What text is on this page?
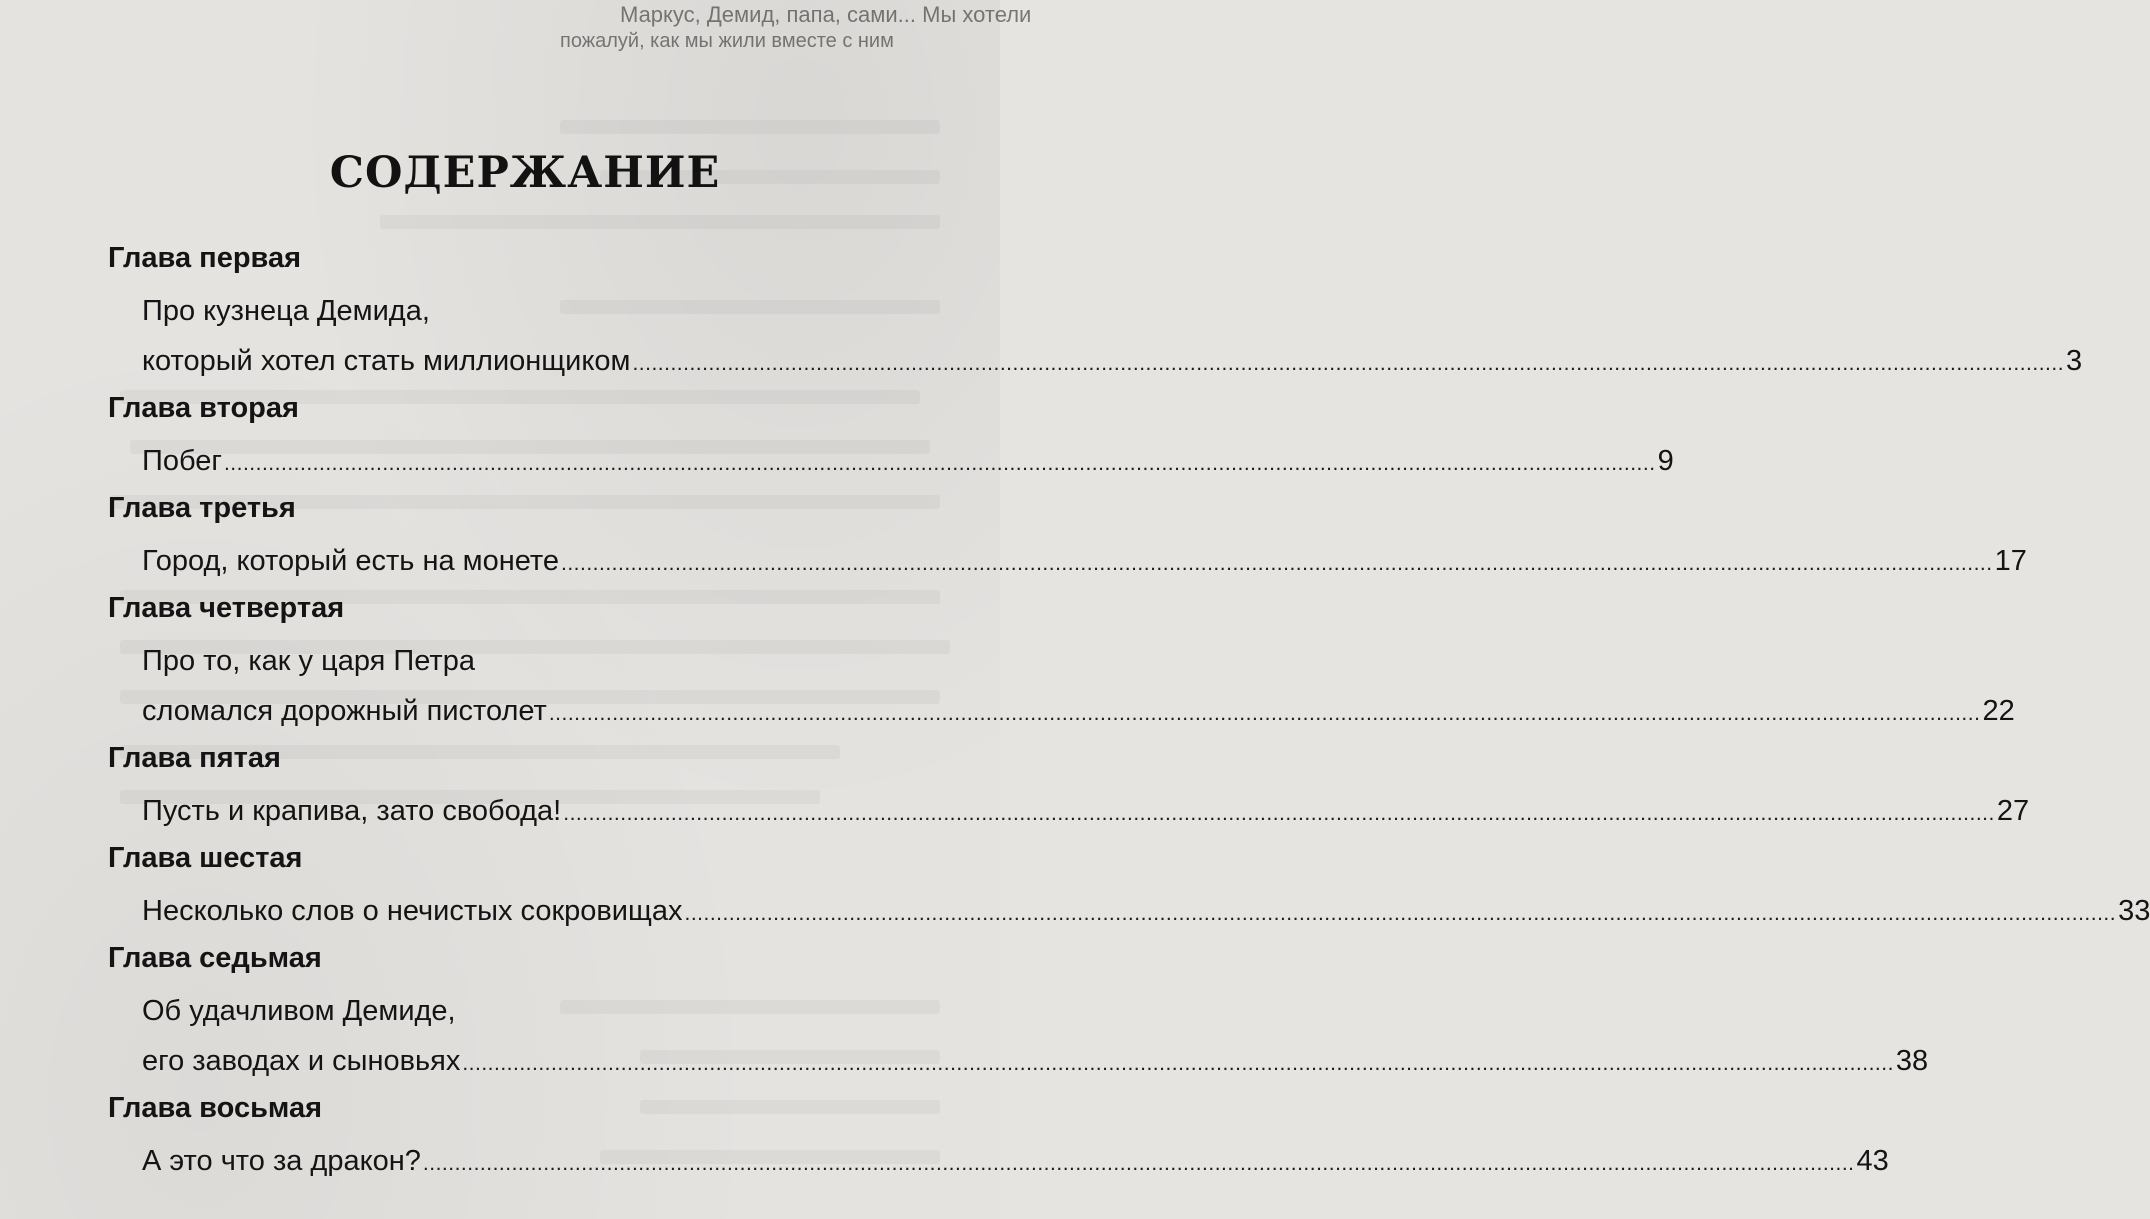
Маркус, Демид, папа, сами... Мы хотели
пожалуй, как мы жили вместе с ним
СОДЕРЖАНИЕ
Глава первая
Про кузнеца Демида,
который хотел стать миллионщиком .....	3
Глава вторая
Побег .....	9
Глава третья
Город, который есть на монете .....	17
Глава четвертая
Про то, как у царя Петра
сломался дорожный пистолет .....	22
Глава пятая
Пусть и крапива, зато свобода! .....	27
Глава шестая
Несколько слов о нечистых сокровищах .....	33
Глава седьмая
Об удачливом Демиде,
его заводах и сыновьях .....	38
Глава восьмая
А это что за дракон? .....	43
